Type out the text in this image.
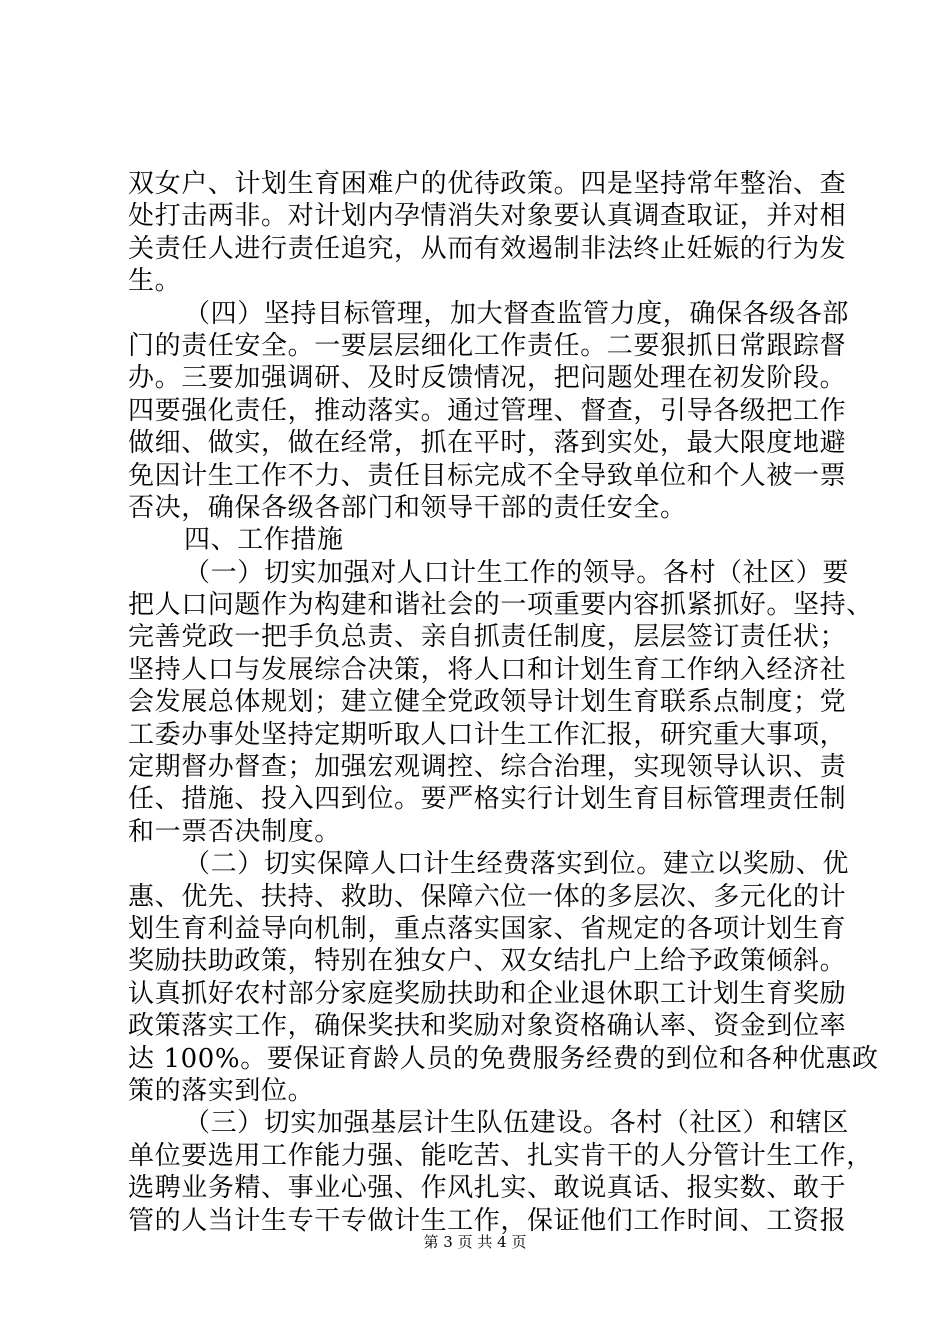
双女户、计划生育困难户的优待政策。四是坚持常年整治、查
处打击两非。对计划内孕情消失对象要认真调查取证，并对相
关责任人进行责任追究，从而有效遏制非法终止妊娠的行为发
生。
（四）坚持目标管理，加大督查监管力度，确保各级各部
门的责任安全。一要层层细化工作责任。二要狠抓日常跟踪督
办。三要加强调研、及时反馈情况，把问题处理在初发阶段。
四要强化责任，推动落实。通过管理、督查，引导各级把工作
做细、做实，做在经常，抓在平时，落到实处，最大限度地避
免因计生工作不力、责任目标完成不全导致单位和个人被一票
否决，确保各级各部门和领导干部的责任安全。
四、工作措施
（一）切实加强对人口计生工作的领导。各村（社区）要
把人口问题作为构建和谐社会的一项重要内容抓紧抓好。坚持、
完善党政一把手负总责、亲自抓责任制度，层层签订责任状；
坚持人口与发展综合决策，将人口和计划生育工作纳入经济社
会发展总体规划；建立健全党政领导计划生育联系点制度；党
工委办事处坚持定期听取人口计生工作汇报，研究重大事项，
定期督办督查；加强宏观调控、综合治理，实现领导认识、责
任、措施、投入四到位。要严格实行计划生育目标管理责任制
和一票否决制度。
（二）切实保障人口计生经费落实到位。建立以奖励、优
惠、优先、扶持、救助、保障六位一体的多层次、多元化的计
划生育利益导向机制，重点落实国家、省规定的各项计划生育
奖励扶助政策，特别在独女户、双女结扎户上给予政策倾斜。
认真抓好农村部分家庭奖励扶助和企业退休职工计划生育奖励
政策落实工作，确保奖扶和奖励对象资格确认率、资金到位率
达 100%。要保证育龄人员的免费服务经费的到位和各种优惠政
策的落实到位。
（三）切实加强基层计生队伍建设。各村（社区）和辖区
单位要选用工作能力强、能吃苦、扎实肯干的人分管计生工作，
选聘业务精、事业心强、作风扎实、敢说真话、报实数、敢于
管的人当计生专干专做计生工作，保证他们工作时间、工资报
第 3 页 共 4 页
